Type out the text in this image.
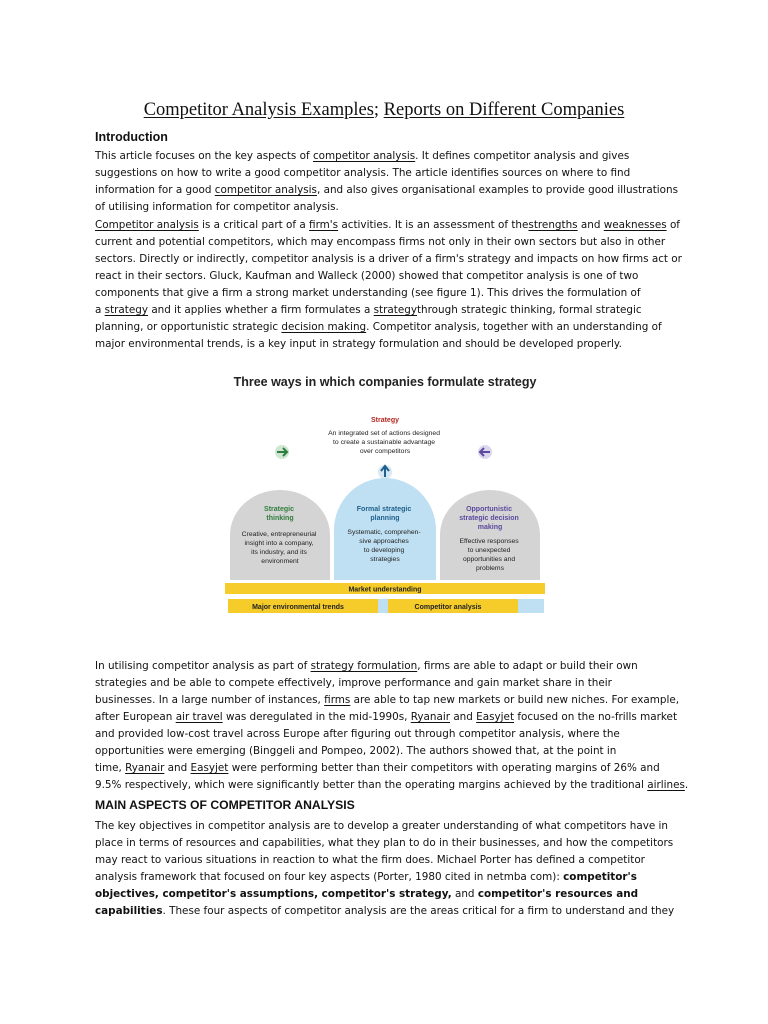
Competitor Analysis Examples; Reports on Different Companies
Introduction
This article focuses on the key aspects of competitor analysis. It defines competitor analysis and gives
suggestions on how to write a good competitor analysis. The article identifies sources on where to find
information for a good competitor analysis, and also gives organisational examples to provide good illustrations
of utilising information for competitor analysis.
Competitor analysis is a critical part of a firm's activities. It is an assessment of thestrengths and weaknesses of
current and potential competitors, which may encompass firms not only in their own sectors but also in other
sectors. Directly or indirectly, competitor analysis is a driver of a firm's strategy and impacts on how firms act or
react in their sectors. Gluck, Kaufman and Walleck (2000) showed that competitor analysis is one of two
components that give a firm a strong market understanding (see figure 1). This drives the formulation of
a strategy and it applies whether a firm formulates a strategythrough strategic thinking, formal strategic
planning, or opportunistic strategic decision making. Competitor analysis, together with an understanding of
major environmental trends, is a key input in strategy formulation and should be developed properly.
Three ways in which companies formulate strategy
Strategy
An integrated set of actions designed to create a sustainable advantage over competitors
Strategic thinking
Creative, entrepreneurial insight into a company, its industry, and its environment
Formal strategic planning
Systematic, comprehen- sive approaches to developing strategies
Opportunistic strategic decision making
Effective responses to unexpected opportunities and problems
Market understanding
Major environmental trends	Competitor analysis
In utilising competitor analysis as part of strategy formulation, firms are able to adapt or build their own
strategies and be able to compete effectively, improve performance and gain market share in their
businesses. In a large number of instances, firms are able to tap new markets or build new niches. For example,
after European air travel was deregulated in the mid-1990s, Ryanair and Easyjet focused on the no-frills market
and provided low-cost travel across Europe after figuring out through competitor analysis, where the
opportunities were emerging (Binggeli and Pompeo, 2002). The authors showed that, at the point in
time, Ryanair and Easyjet were performing better than their competitors with operating margins of 26% and
9.5% respectively, which were significantly better than the operating margins achieved by the traditional airlines.
MAIN ASPECTS OF COMPETITOR ANALYSIS
The key objectives in competitor analysis are to develop a greater understanding of what competitors have in
place in terms of resources and capabilities, what they plan to do in their businesses, and how the competitors
may react to various situations in reaction to what the firm does. Michael Porter has defined a competitor
analysis framework that focused on four key aspects (Porter, 1980 cited in netmba com): competitor's
objectives, competitor's assumptions, competitor's strategy, and competitor's resources and
capabilities. These four aspects of competitor analysis are the areas critical for a firm to understand and they
